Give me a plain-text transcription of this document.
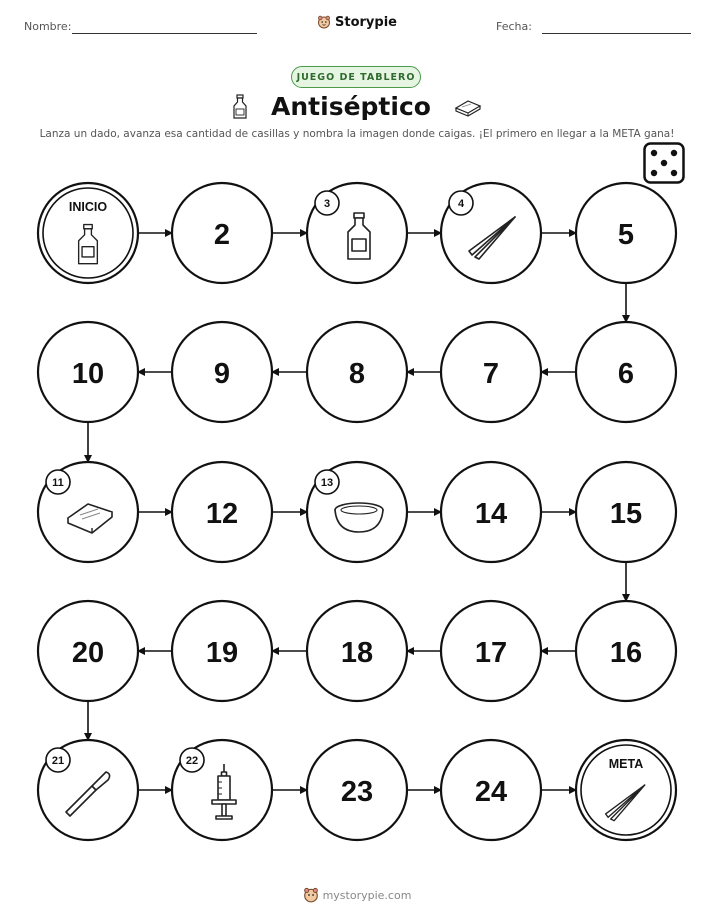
Nombre:	Fecha:
Storypie
JUEGO DE TABLERO
Antiséptico
Lanza un dado, avanza esa cantidad de casillas y nombra la imagen donde caigas. ¡El primero en llegar a la META gana!
INICIO
2
3	4
5
6
7
8
9
10
11
12
13
14	15
16
17
18
19
20
21	22
23	24
META
mystorypie.com
